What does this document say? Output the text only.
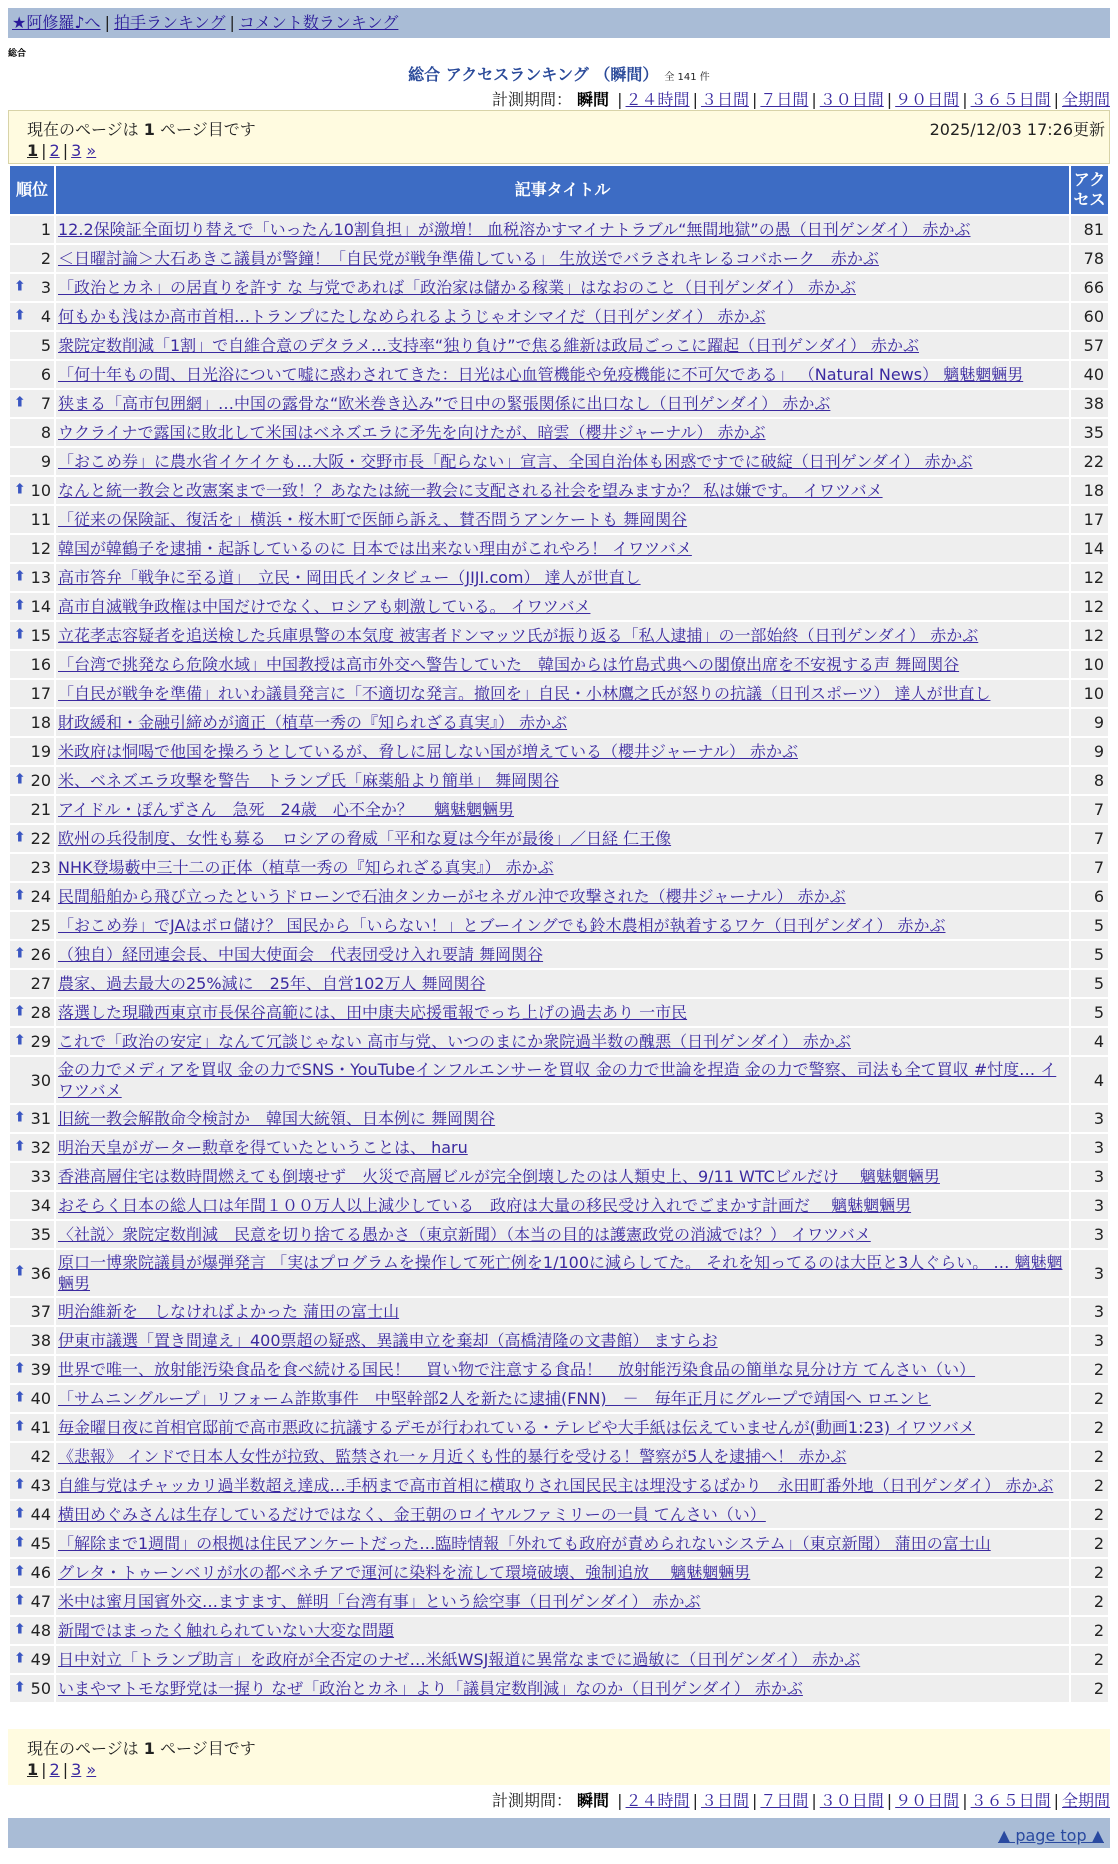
★阿修羅♪へ | 拍手ランキング | コメント数ランキング
総合
総合 アクセスランキング （瞬間） 全 141 件
計測期間： 瞬間 | ２４時間 | ３日間 | ７日間 | ３０日間 | ９０日間 | ３６５日間 | 全期間
現在のページは 1 ページ目です	2025/12/03 17:26更新
1 | 2 | 3 »
順位	記事タイトル	アクセス
1	12.2保険証全面切り替えで「いったん10割負担」が激増！ 血税溶かすマイナトラブル“無間地獄”の愚（日刊ゲンダイ） 赤かぶ	81
2	＜日曜討論＞大石あきこ議員が警鐘！「自民党が戦争準備している」 生放送でバラされキレるコバホーク　赤かぶ	78

⬆ 3	「政治とカネ」の居直りを許す な 与党であれば「政治家は儲かる稼業」はなおのこと（日刊ゲンダイ） 赤かぶ	66

⬆ 4	何もかも浅はか高市首相…トランプにたしなめられるようじゃオシマイだ（日刊ゲンダイ） 赤かぶ	60
5	衆院定数削減「1割」で自維合意のデタラメ…支持率“独り負け”で焦る維新は政局ごっこに躍起（日刊ゲンダイ） 赤かぶ	57
6	「何十年もの間、日光浴について嘘に惑わされてきた：日光は心血管機能や免疫機能に不可欠である」 （Natural News） 魑魅魍魎男	40

⬆ 7	狭まる「高市包囲網」…中国の露骨な“欧米巻き込み”で日中の緊張関係に出口なし（日刊ゲンダイ） 赤かぶ	38
8	ウクライナで露国に敗北して米国はベネズエラに矛先を向けたが、暗雲（櫻井ジャーナル） 赤かぶ	35
9	「おこめ券」に農水省イケイケも…大阪・交野市長「配らない」宣言、全国自治体も困惑ですでに破綻（日刊ゲンダイ） 赤かぶ	22

⬆ 10	なんと統一教会と改憲案まで一致！？あなたは統一教会に支配される社会を望みますか？ 私は嫌です。 イワツバメ	18
11	「従来の保険証、復活を」横浜・桜木町で医師ら訴え、賛否問うアンケートも 舞岡関谷	17
12	韓国が韓鶴子を逮捕・起訴しているのに 日本では出来ない理由がこれやろ！ イワツバメ	14

⬆ 13	高市答弁「戦争に至る道」　立民・岡田氏インタビュー（JIJI.com） 達人が世直し	12

⬆ 14	高市自滅戦争政権は中国だけでなく、ロシアも刺激している。 イワツバメ	12

⬆ 15	立花孝志容疑者を追送検した兵庫県警の本気度 被害者ドンマッツ氏が振り返る「私人逮捕」の一部始終（日刊ゲンダイ） 赤かぶ	12
16	「台湾で挑発なら危険水域」中国教授は高市外交へ警告していた　韓国からは竹島式典への閣僚出席を不安視する声 舞岡関谷	10
17	「自民が戦争を準備」れいわ議員発言に「不適切な発言。撤回を」自民・小林鷹之氏が怒りの抗議（日刊スポーツ） 達人が世直し	10
18	財政緩和・金融引締めが適正（植草一秀の『知られざる真実』） 赤かぶ	9
19	米政府は恫喝で他国を操ろうとしているが、脅しに屈しない国が増えている（櫻井ジャーナル） 赤かぶ	9

⬆ 20	米、ベネズエラ攻撃を警告　トランプ氏「麻薬船より簡単」 舞岡関谷	8
21	アイドル・ぽんずさん　急死　24歳　心不全か？　 魑魅魍魎男	7

⬆ 22	欧州の兵役制度、女性も募る　ロシアの脅威「平和な夏は今年が最後」／日経 仁王像	7
23	NHK登場藪中三十二の正体（植草一秀の『知られざる真実』） 赤かぶ	7

⬆ 24	民間船舶から飛び立ったというドローンで石油タンカーがセネガル沖で攻撃された（櫻井ジャーナル） 赤かぶ	6
25	「おこめ券」でJAはボロ儲け？ 国民から「いらない！」とブーイングでも鈴木農相が執着するワケ（日刊ゲンダイ） 赤かぶ	5

⬆ 26	（独自）経団連会長、中国大使面会　代表団受け入れ要請 舞岡関谷	5
27	農家、過去最大の25%減に　25年、自営102万人 舞岡関谷	5

⬆ 28	落選した現職西東京市長保谷高範には、田中康夫応援電報でっち上げの過去あり 一市民	5

⬆ 29	これで「政治の安定」なんて冗談じゃない 高市与党、いつのまにか衆院過半数の醜悪（日刊ゲンダイ） 赤かぶ	4
30	金の力でメディアを買収 金の力でSNS・YouTubeインフルエンサーを買収 金の力で世論を捏造 金の力で警察、司法も全て買収 #忖度… イワツバメ	4

⬆ 31	旧統一教会解散命令検討か　韓国大統領、日本例に 舞岡関谷	3

⬆ 32	明治天皇がガーター勲章を得ていたということは、 haru	3
33	香港高層住宅は数時間燃えても倒壊せず　火災で高層ビルが完全倒壊したのは人類史上、9/11 WTCビルだけ　 魑魅魍魎男	3
34	おそらく日本の総人口は年間１００万人以上減少している　政府は大量の移民受け入れでごまかす計画だ　 魑魅魍魎男	3
35	〈社説〉衆院定数削減　民意を切り捨てる愚かさ（東京新聞）（本当の目的は護憲政党の消滅では？） イワツバメ	3

⬆ 36	原口一博衆院議員が爆弾発言 「実はプログラムを操作して死亡例を1/100に減らしてた。 それを知ってるのは大臣と3人ぐらい。 … 魑魅魍魎男	3
37	明治維新を　しなければよかった 蒲田の富士山	3
38	伊東市議選「置き間違え」400票超の疑惑、異議申立を棄却（高橋清隆の文書館） ますらお	3

⬆ 39	世界で唯一、放射能汚染食品を食べ続ける国民！　買い物で注意する食品！　放射能汚染食品の簡単な見分け方 てんさい（い）	2

⬆ 40	「サムニングループ」リフォーム詐欺事件　中堅幹部2人を新たに逮捕(FNN)　－　毎年正月にグループで靖国へ ロエンヒ	2

⬆ 41	毎金曜日夜に首相官邸前で高市悪政に抗議するデモが行われている・テレビや大手紙は伝えていませんが(動画1:23) イワツバメ	2
42	《悲報》 インドで日本人女性が拉致、監禁され一ヶ月近くも性的暴行を受ける！警察が5人を逮捕へ！ 赤かぶ	2

⬆ 43	自維与党はチャッカリ過半数超え達成…手柄まで高市首相に横取りされ国民民主は埋没するばかり　永田町番外地（日刊ゲンダイ） 赤かぶ	2

⬆ 44	横田めぐみさんは生存しているだけではなく、金王朝のロイヤルファミリーの一員 てんさい（い）	2

⬆ 45	「解除まで1週間」の根拠は住民アンケートだった…臨時情報「外れても政府が責められないシステム」（東京新聞） 蒲田の富士山	2

⬆ 46	グレタ・トゥーンベリが水の都ベネチアで運河に染料を流して環境破壊、強制追放　 魑魅魍魎男	2

⬆ 47	米中は蜜月国賓外交…ますます、鮮明「台湾有事」という絵空事（日刊ゲンダイ） 赤かぶ	2

⬆ 48	新聞ではまったく触れられていない大変な問題	2

⬆ 49	日中対立「トランプ助言」を政府が全否定のナゼ…米紙WSJ報道に異常なまでに過敏に（日刊ゲンダイ） 赤かぶ	2

⬆ 50	いまやマトモな野党は一握り なぜ「政治とカネ」より「議員定数削減」なのか（日刊ゲンダイ） 赤かぶ	2
現在のページは 1 ページ目です
1 | 2 | 3 »
計測期間： 瞬間 | ２４時間 | ３日間 | ７日間 | ３０日間 | ９０日間 | ３６５日間 | 全期間
▲ page top ▲
